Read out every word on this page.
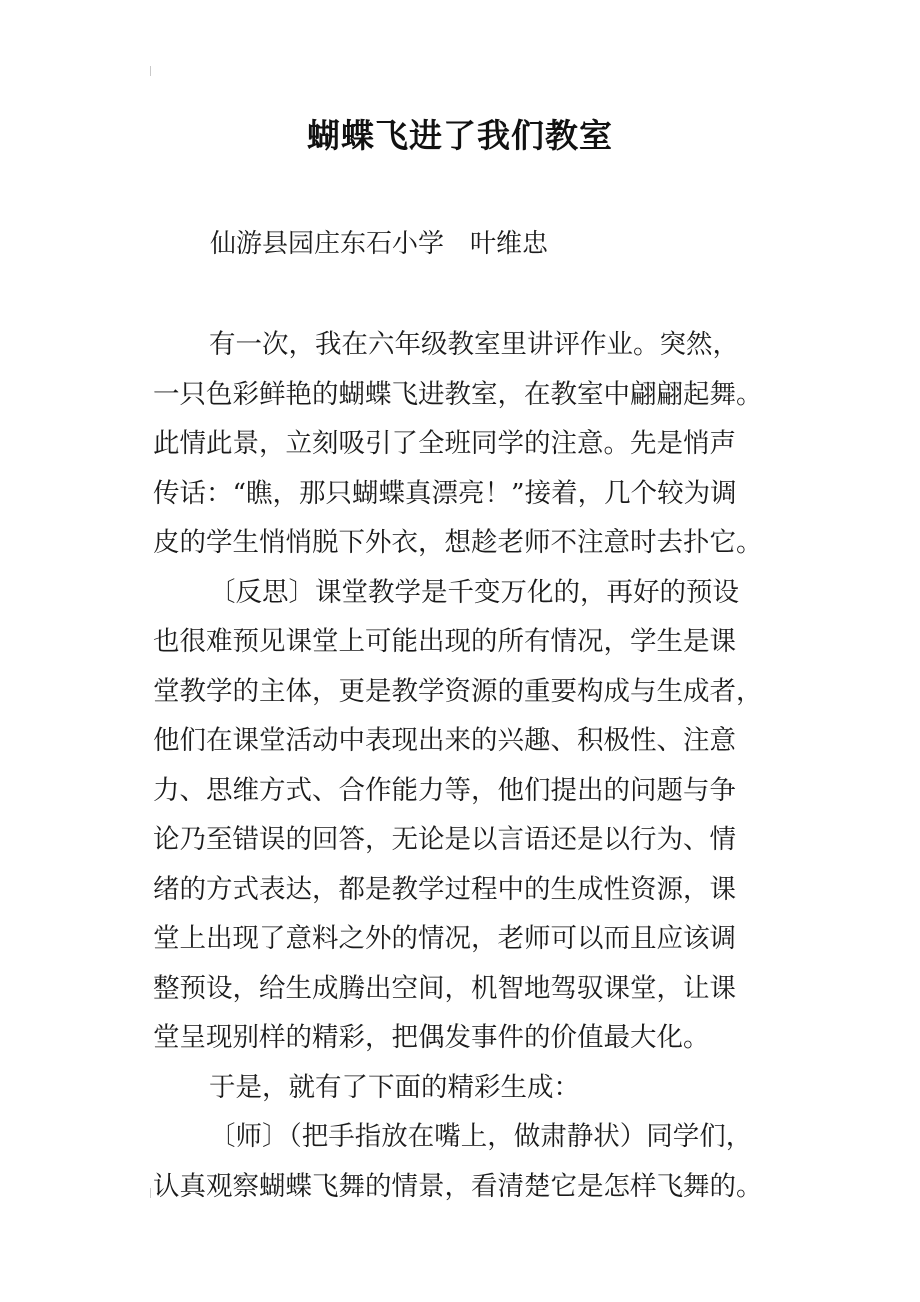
蝴蝶飞进了我们教室
仙游县园庄东石小学　叶维忠
有一次，我在六年级教室里讲评作业。突然，
一只色彩鲜艳的蝴蝶飞进教室，在教室中翩翩起舞。
此情此景，立刻吸引了全班同学的注意。先是悄声
传话：“瞧，那只蝴蝶真漂亮！”接着，几个较为调
皮的学生悄悄脱下外衣，想趁老师不注意时去扑它。
〔反思〕课堂教学是千变万化的，再好的预设
也很难预见课堂上可能出现的所有情况，学生是课
堂教学的主体，更是教学资源的重要构成与生成者，
他们在课堂活动中表现出来的兴趣、积极性、注意
力、思维方式、合作能力等，他们提出的问题与争
论乃至错误的回答，无论是以言语还是以行为、情
绪的方式表达，都是教学过程中的生成性资源，课
堂上出现了意料之外的情况，老师可以而且应该调
整预设，给生成腾出空间，机智地驾驭课堂，让课
堂呈现别样的精彩，把偶发事件的价值最大化。
于是，就有了下面的精彩生成：
〔师〕（把手指放在嘴上，做肃静状）同学们，
认真观察蝴蝶飞舞的情景，看清楚它是怎样飞舞的。
